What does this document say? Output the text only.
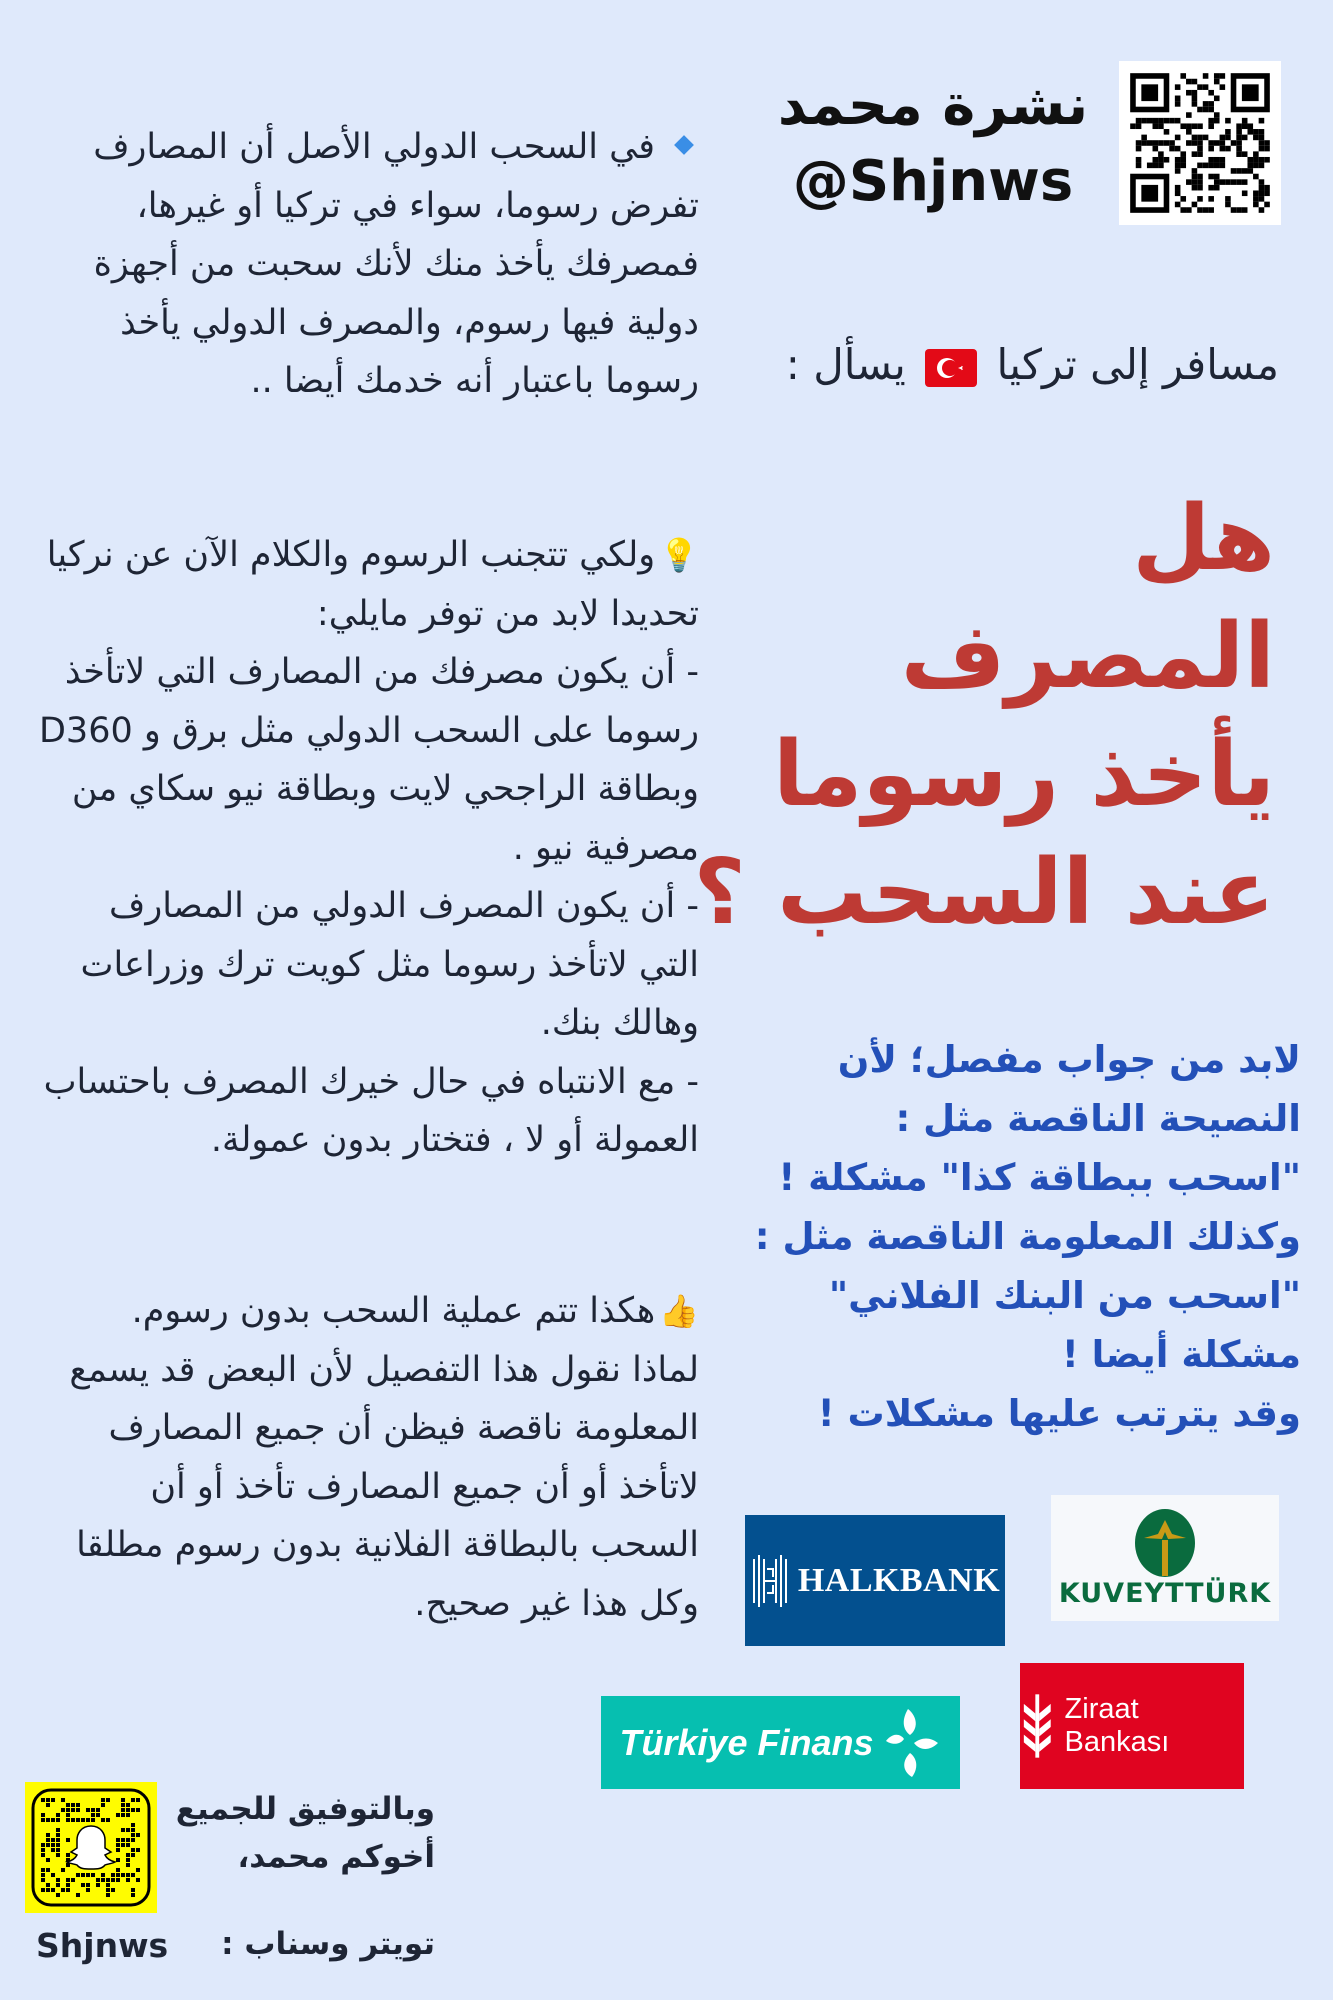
نشرة محمد
@Shjnws
مسافر إلى تركيا
يسأل :
هل
المصرف
يأخذ رسوما
عند السحب ؟
لابد من جواب مفصل؛ لأن
النصيحة الناقصة مثل :
"اسحب ببطاقة كذا" مشكلة !
وكذلك المعلومة الناقصة مثل :
"اسحب من البنك الفلاني"
مشكلة أيضا !
وقد يترتب عليها مشكلات !
في السحب الدولي الأصل أن المصارف تفرض رسوما، سواء في تركيا أو غيرها، فمصرفك يأخذ منك لأنك سحبت من أجهزة دولية فيها رسوم، والمصرف الدولي يأخذ رسوما باعتبار أنه خدمك أيضا ..
💡ولكي تتجنب الرسوم والكلام الآن عن نركيا تحديدا لابد من توفر مايلي:
- أن يكون مصرفك من المصارف التي لاتأخذ رسوما على السحب الدولي مثل برق و D360 وبطاقة الراجحي لايت وبطاقة نيو سكاي من مصرفية نيو .
- أن يكون المصرف الدولي من المصارف التي لاتأخذ رسوما مثل كويت ترك وزراعات وهالك بنك.
- مع الانتباه في حال خيرك المصرف باحتساب العمولة أو لا ، فتختار بدون عمولة.
👍هكذا تتم عملية السحب بدون رسوم.
لماذا نقول هذا التفصيل لأن البعض قد يسمع المعلومة ناقصة فيظن أن جميع المصارف لاتأخذ أو أن جميع المصارف تأخذ أو أن السحب بالبطاقة الفلانية بدون رسوم مطلقا وكل هذا غير صحيح.
HALKBANK KUVEYTTÜRK
Ziraat Bankası
Türkiye Finans
وبالتوفيق للجميع
أخوكم محمد،
تويتر وسناب :
Shjnws
